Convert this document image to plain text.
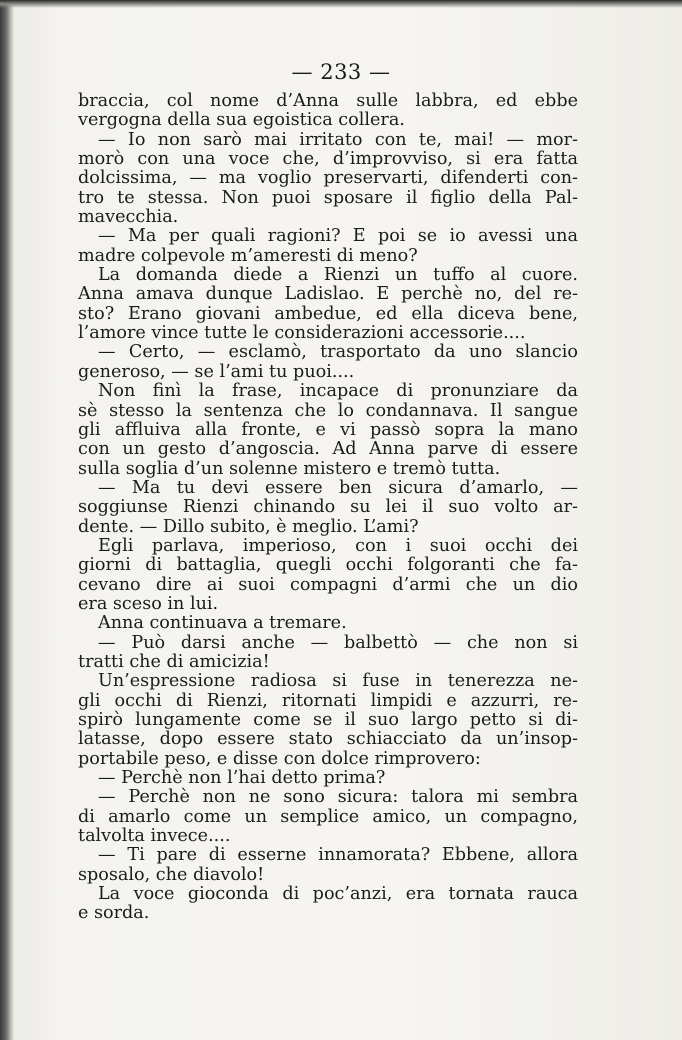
— 233 —
braccia, col nome d’Anna sulle labbra, ed ebbe
vergogna della sua egoistica collera.
— Io non sarò mai irritato con te, mai! — mor-
morò con una voce che, d’improvviso, si era fatta
dolcissima, — ma voglio preservarti, difenderti con-
tro te stessa. Non puoi sposare il figlio della Pal-
mavecchia.
— Ma per quali ragioni? E poi se io avessi una
madre colpevole m’ameresti di meno?
La domanda diede a Rienzi un tuffo al cuore.
Anna amava dunque Ladislao. E perchè no, del re-
sto? Erano giovani ambedue, ed ella diceva bene,
l’amore vince tutte le considerazioni accessorie....
— Certo, — esclamò, trasportato da uno slancio
generoso, — se l’ami tu puoi....
Non finì la frase, incapace di pronunziare da
sè stesso la sentenza che lo condannava. Il sangue
gli affluiva alla fronte, e vi passò sopra la mano
con un gesto d’angoscia. Ad Anna parve di essere
sulla soglia d’un solenne mistero e tremò tutta.
— Ma tu devi essere ben sicura d’amarlo, —
soggiunse Rienzi chinando su lei il suo volto ar-
dente. — Dillo subito, è meglio. L’ami?
Egli parlava, imperioso, con i suoi occhi dei
giorni di battaglia, quegli occhi folgoranti che fa-
cevano dire ai suoi compagni d’armi che un dio
era sceso in lui.
Anna continuava a tremare.
— Può darsi anche — balbettò — che non si
tratti che di amicizia!
Un’espressione radiosa si fuse in tenerezza ne-
gli occhi di Rienzi, ritornati limpidi e azzurri, re-
spirò lungamente come se il suo largo petto si di-
latasse, dopo essere stato schiacciato da un’insop-
portabile peso, e disse con dolce rimprovero:
— Perchè non l’hai detto prima?
— Perchè non ne sono sicura: talora mi sembra
di amarlo come un semplice amico, un compagno,
talvolta invece....
— Ti pare di esserne innamorata? Ebbene, allora
sposalo, che diavolo!
La voce gioconda di poc’anzi, era tornata rauca
e sorda.
